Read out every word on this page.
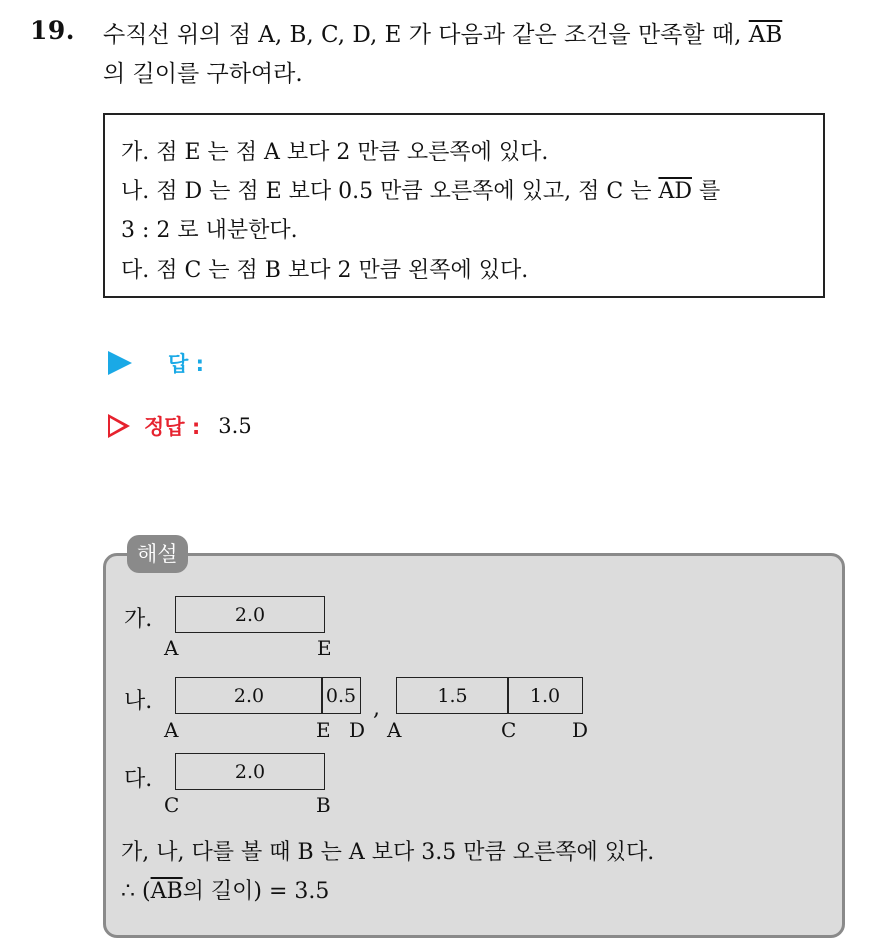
19. 수직선 위의 점 A, B, C, D, E 가 다음과 같은 조건을 만족할 때, $\overline{AB}$
의 길이를 구하여라.
가. 점 E 는 점 A 보다 2 만큼 오른쪽에 있다.
나. 점 D 는 점 E 보다 0.5 만큼 오른쪽에 있고, 점 C 는 $\overline{AD}$ 를
3 : 2 로 내분한다.
다. 점 C 는 점 B 보다 2 만큼 왼쪽에 있다.
답 :
정답 : 3.5
가.	2.0
A	E
나.	2.0	0.5
A	E D
,
1.5	1.0
A	C	D
다.	2.0
C	B
가, 나, 다를 볼 때 B 는 A 보다 3.5 만큼 오른쪽에 있다.
∴ ($\overline{AB}$의 길이) = 3.5
해설
